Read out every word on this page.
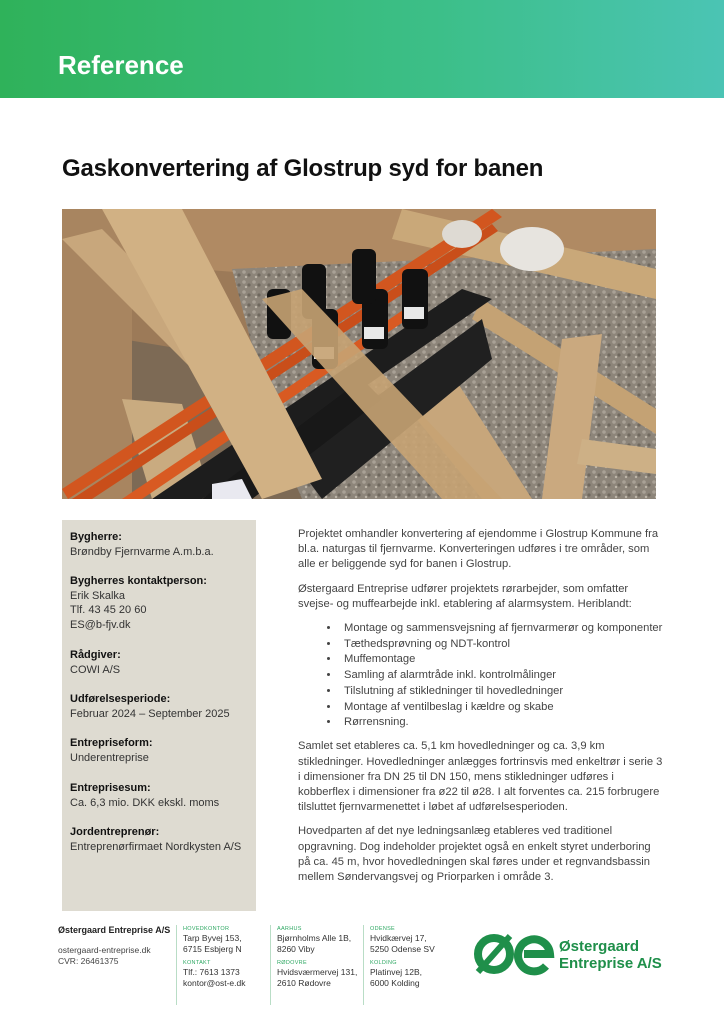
Reference
Gaskonvertering af Glostrup syd for banen
Bygherre:
Brøndby Fjernvarme A.m.b.a.
Bygherres kontaktperson:
Erik Skalka
Tlf. 43 45 20 60
ES@b-fjv.dk
Rådgiver:
COWI A/S
Udførelsesperiode:
Februar 2024 – September 2025
Entrepriseform:
Underentreprise
Entreprisesum:
Ca. 6,3 mio. DKK ekskl. moms
Jordentreprenør:
Entreprenørfirmaet Nordkysten A/S

Projektet omhandler konvertering af ejendomme i Glostrup Kommune fra bl.a. naturgas til fjernvarme. Konverteringen udføres i tre områder, som alle er beliggende syd for banen i Glostrup.

Østergaard Entreprise udfører projektets rørarbejder, som omfatter svejse- og muffearbejde inkl. etablering af alarmsystem. Heriblandt:

• Montage og sammensvejsning af fjernvarmerør og komponenter
• Tæthedsprøvning og NDT-kontrol
• Muffemontage
• Samling af alarmtråde inkl. kontrolmålinger
• Tilslutning af stikledninger til hovedledninger
• Montage af ventilbeslag i kældre og skabe
• Rørrensning.

Samlet set etableres ca. 5,1 km hovedledninger og ca. 3,9 km stikledninger. Hovedledninger anlægges fortrinsvis med enkeltrør i serie 3 i dimensioner fra DN 25 til DN 150, mens stikledninger udføres i kobberflex i dimensioner fra ø22 til ø28. I alt forventes ca. 215 forbrugere tilsluttet fjernvarmenettet i løbet af udførelsesperioden.

Hovedparten af det nye ledningsanlæg etableres ved traditionel opgravning. Dog indeholder projektet også en enkelt styret underboring på ca. 45 m, hvor hovedledningen skal føres under et regnvandsbassin mellem Søndervangsvej og Priorparken i område 3.

Østergaard Entreprise A/S
ostergaard-entreprise.dk
CVR: 26461375
HOVEDKONTOR
Tarp Byvej 153,
6715 Esbjerg N
KONTAKT
Tlf.: 7613 1373
kontor@ost-e.dk
AARHUS
Bjørnholms Alle 1B,
8260 Viby
RØDOVRE
Hvidsværmervej 131,
2610 Rødovre
ODENSE
Hvidkærvej 17,
5250 Odense SV
KOLDING
Platinvej 12B,
6000 Kolding
Østergaard
Entreprise A/S
